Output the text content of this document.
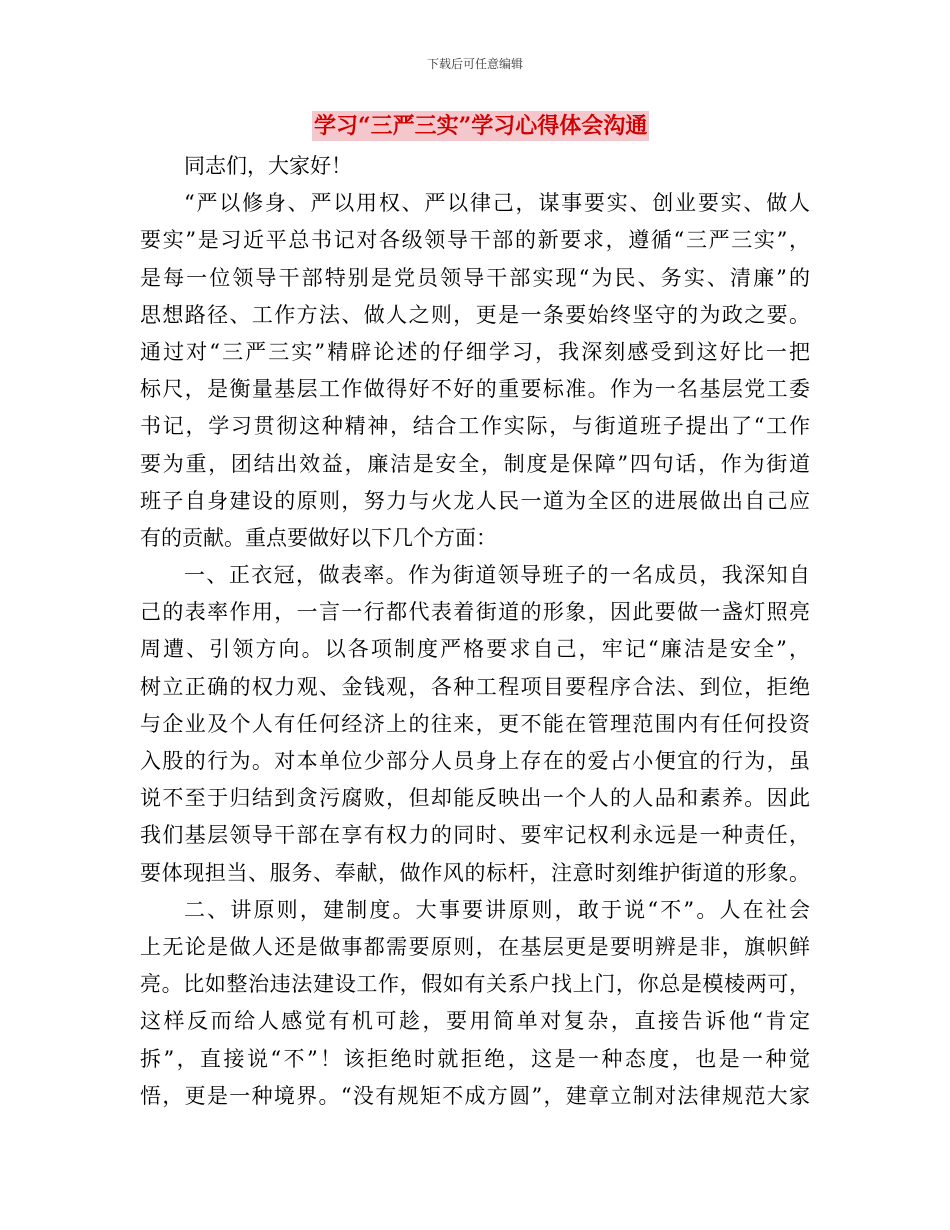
下载后可任意编辑
学习“三严三实”学习心得体会沟通
同志们，大家好！
“严以修身、严以用权、严以律己，谋事要实、创业要实、做人
要实”是习近平总书记对各级领导干部的新要求，遵循“三严三实”，
是每一位领导干部特别是党员领导干部实现“为民、务实、清廉”的
思想路径、工作方法、做人之则，更是一条要始终坚守的为政之要。
通过对“三严三实”精辟论述的仔细学习，我深刻感受到这好比一把
标尺，是衡量基层工作做得好不好的重要标准。作为一名基层党工委
书记，学习贯彻这种精神，结合工作实际，与街道班子提出了“工作
要为重，团结出效益，廉洁是安全，制度是保障”四句话，作为街道
班子自身建设的原则，努力与火龙人民一道为全区的进展做出自己应
有的贡献。重点要做好以下几个方面：
一、正衣冠，做表率。作为街道领导班子的一名成员，我深知自
己的表率作用，一言一行都代表着街道的形象，因此要做一盏灯照亮
周遭、引领方向。以各项制度严格要求自己，牢记“廉洁是安全”，
树立正确的权力观、金钱观，各种工程项目要程序合法、到位，拒绝
与企业及个人有任何经济上的往来，更不能在管理范围内有任何投资
入股的行为。对本单位少部分人员身上存在的爱占小便宜的行为，虽
说不至于归结到贪污腐败，但却能反映出一个人的人品和素养。因此
我们基层领导干部在享有权力的同时、要牢记权利永远是一种责任，
要体现担当、服务、奉献，做作风的标杆，注意时刻维护街道的形象。
二、讲原则，建制度。大事要讲原则，敢于说“不”。人在社会
上无论是做人还是做事都需要原则，在基层更是要明辨是非，旗帜鲜
亮。比如整治违法建设工作，假如有关系户找上门，你总是模棱两可，
这样反而给人感觉有机可趁，要用简单对复杂，直接告诉他“肯定
拆”，直接说“不”！该拒绝时就拒绝，这是一种态度，也是一种觉
悟，更是一种境界。“没有规矩不成方圆”，建章立制对法律规范大家
